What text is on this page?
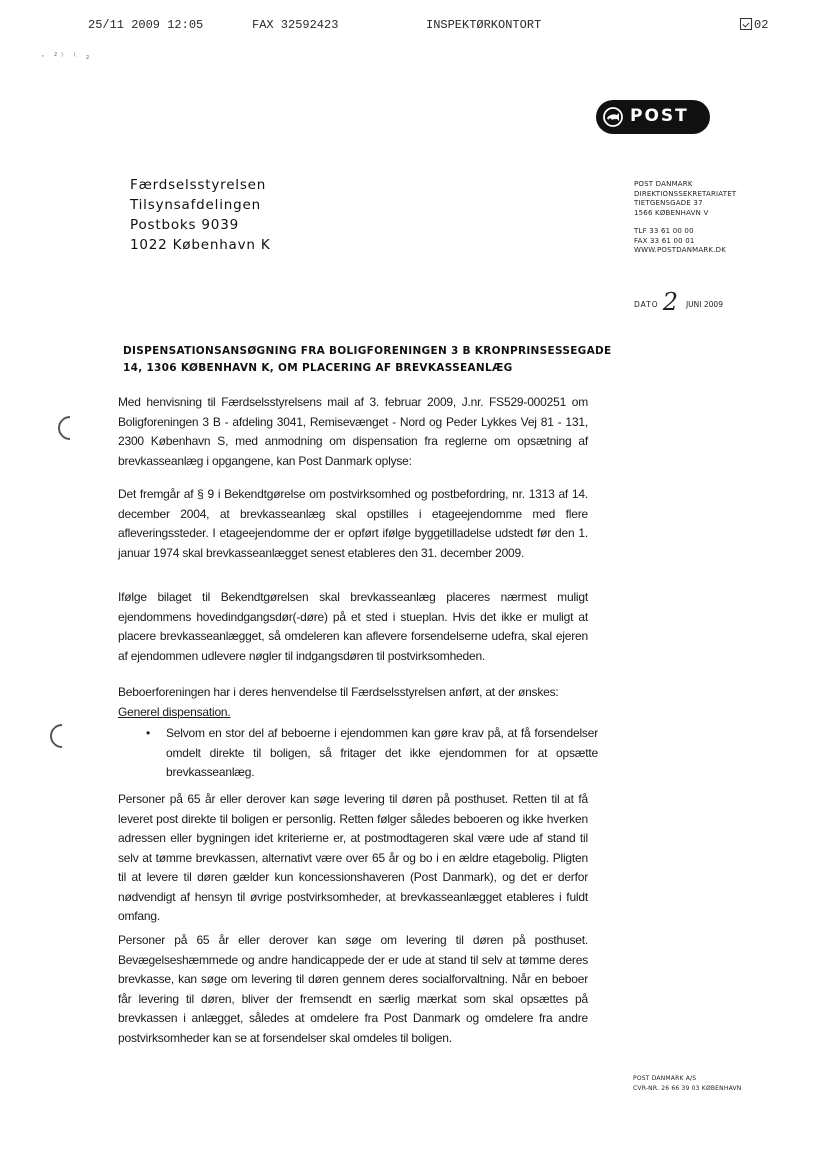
25/11 2009 12:05	FAX 32592423	INSPEKTØRKONTORT	02
· ²⁾ ⁽ ₂
POST
Færdselsstyrelsen
Tilsynsafdelingen
Postboks 9039
1022 København K
POST DANMARK
DIREKTIONSSEKRETARIATET
TIETGENSGADE 37
1566 KØBENHAVN V
TLF 33 61 00 00
FAX 33 61 00 01
WWW.POSTDANMARK.DK
DATO 2 JUNI 2009
DISPENSATIONSANSØGNING FRA BOLIGFORENINGEN 3 B KRONPRINSESSEGADE 14, 1306 KØBENHAVN K, OM PLACERING AF BREVKASSEANLÆG

Med henvisning til Færdselsstyrelsens mail af 3. februar 2009, J.nr. FS529-000251 om Boligforeningen 3 B - afdeling 3041, Remisevænget - Nord og Peder Lykkes Vej 81 - 131, 2300 København S, med anmodning om dispensation fra reglerne om opsætning af brevkasseanlæg i opgangene, kan Post Danmark oplyse:

Det fremgår af § 9 i Bekendtgørelse om postvirksomhed og postbefordring, nr. 1313 af 14. december 2004, at brevkasseanlæg skal opstilles i etageejendomme med flere afleveringssteder. I etageejendomme der er opført ifølge byggetilladelse udstedt før den 1. januar 1974 skal brevkasseanlægget senest etableres den 31. december 2009.

Ifølge bilaget til Bekendtgørelsen skal brevkasseanlæg placeres nærmest muligt ejendommens hovedindgangsdør(-døre) på et sted i stueplan. Hvis det ikke er muligt at placere brevkasseanlægget, så omdeleren kan aflevere forsendelserne udefra, skal ejeren af ejendommen udlevere nøgler til indgangsdøren til postvirksomheden.

Beboerforeningen har i deres henvendelse til Færdselsstyrelsen anført, at der ønskes:
Generel dispensation.
• Selvom en stor del af beboerne i ejendommen kan gøre krav på, at få forsendelser omdelt direkte til boligen, så fritager det ikke ejendommen for at opsætte brevkasseanlæg.

Personer på 65 år eller derover kan søge levering til døren på posthuset. Retten til at få leveret post direkte til boligen er personlig. Retten følger således beboeren og ikke hverken adressen eller bygningen idet kriterierne er, at postmodtageren skal være ude af stand til selv at tømme brevkassen, alternativt være over 65 år og bo i en ældre etagebolig. Pligten til at levere til døren gælder kun koncessionshaveren (Post Danmark), og det er derfor nødvendigt af hensyn til øvrige postvirksomheder, at brevkasseanlægget etableres i fuldt omfang.

Personer på 65 år eller derover kan søge om levering til døren på posthuset. Bevægelseshæmmede og andre handicappede der er ude at stand til selv at tømme deres brevkasse, kan søge om levering til døren gennem deres socialforvaltning. Når en beboer får levering til døren, bliver der fremsendt en særlig mærkat som skal opsættes på brevkassen i anlægget, således at omdelere fra Post Danmark og omdelere fra andre postvirksomheder kan se at forsendelser skal omdeles til boligen.

POST DANMARK A/S
CVR-NR. 26 66 39 03 KØBENHAVN
